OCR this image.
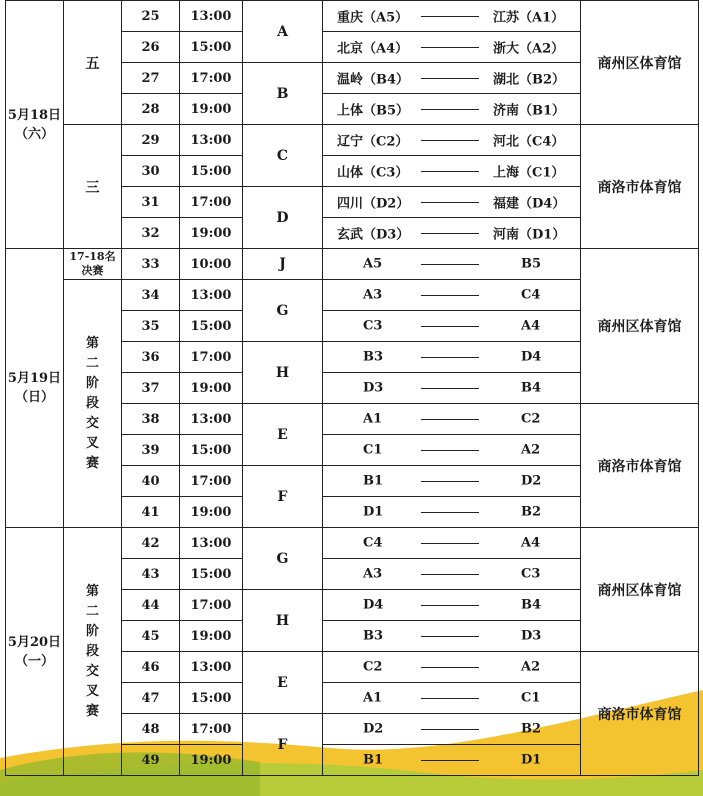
5月18日（六）	五	25	13:00	A	重庆（A5） 江苏（A1）	商州区体育馆
		26	15:00		北京（A4） 浙大（A2）	

		27	17:00	B	温岭（B4） 湖北（B2）	

		28	19:00		上体（B5） 济南（B1）	

	三	29	13:00	C	辽宁（C2） 河北（C4）	商洛市体育馆
		30	15:00		山体（C3） 上海（C1）	

		31	17:00	D	四川（D2） 福建（D4）	

		32	19:00		玄武（D3） 河南（D1）	

5月19日（日）	17-18名决赛	33	10:00	J	A5 B5	商州区体育馆
	第二阶段交叉赛	34	13:00	G	A3 C4	

		35	15:00		C3 A4	

		36	17:00	H	B3 D4	

		37	19:00		D3 B4	

		38	13:00	E	A1 C2	商洛市体育馆
		39	15:00		C1 A2	

		40	17:00	F	B1 D2	

		41	19:00		D1 B2	

5月20日（一）	第二阶段交叉赛	42	13:00	G	C4 A4	商州区体育馆
		43	15:00		A3 C3	

		44	17:00	H	D4 B4	

		45	19:00		B3 D3	

		46	13:00	E	C2 A2	商洛市体育馆
		47	15:00		A1 C1	

		48	17:00	F	D2 B2	

		49	19:00		B1 D1	
